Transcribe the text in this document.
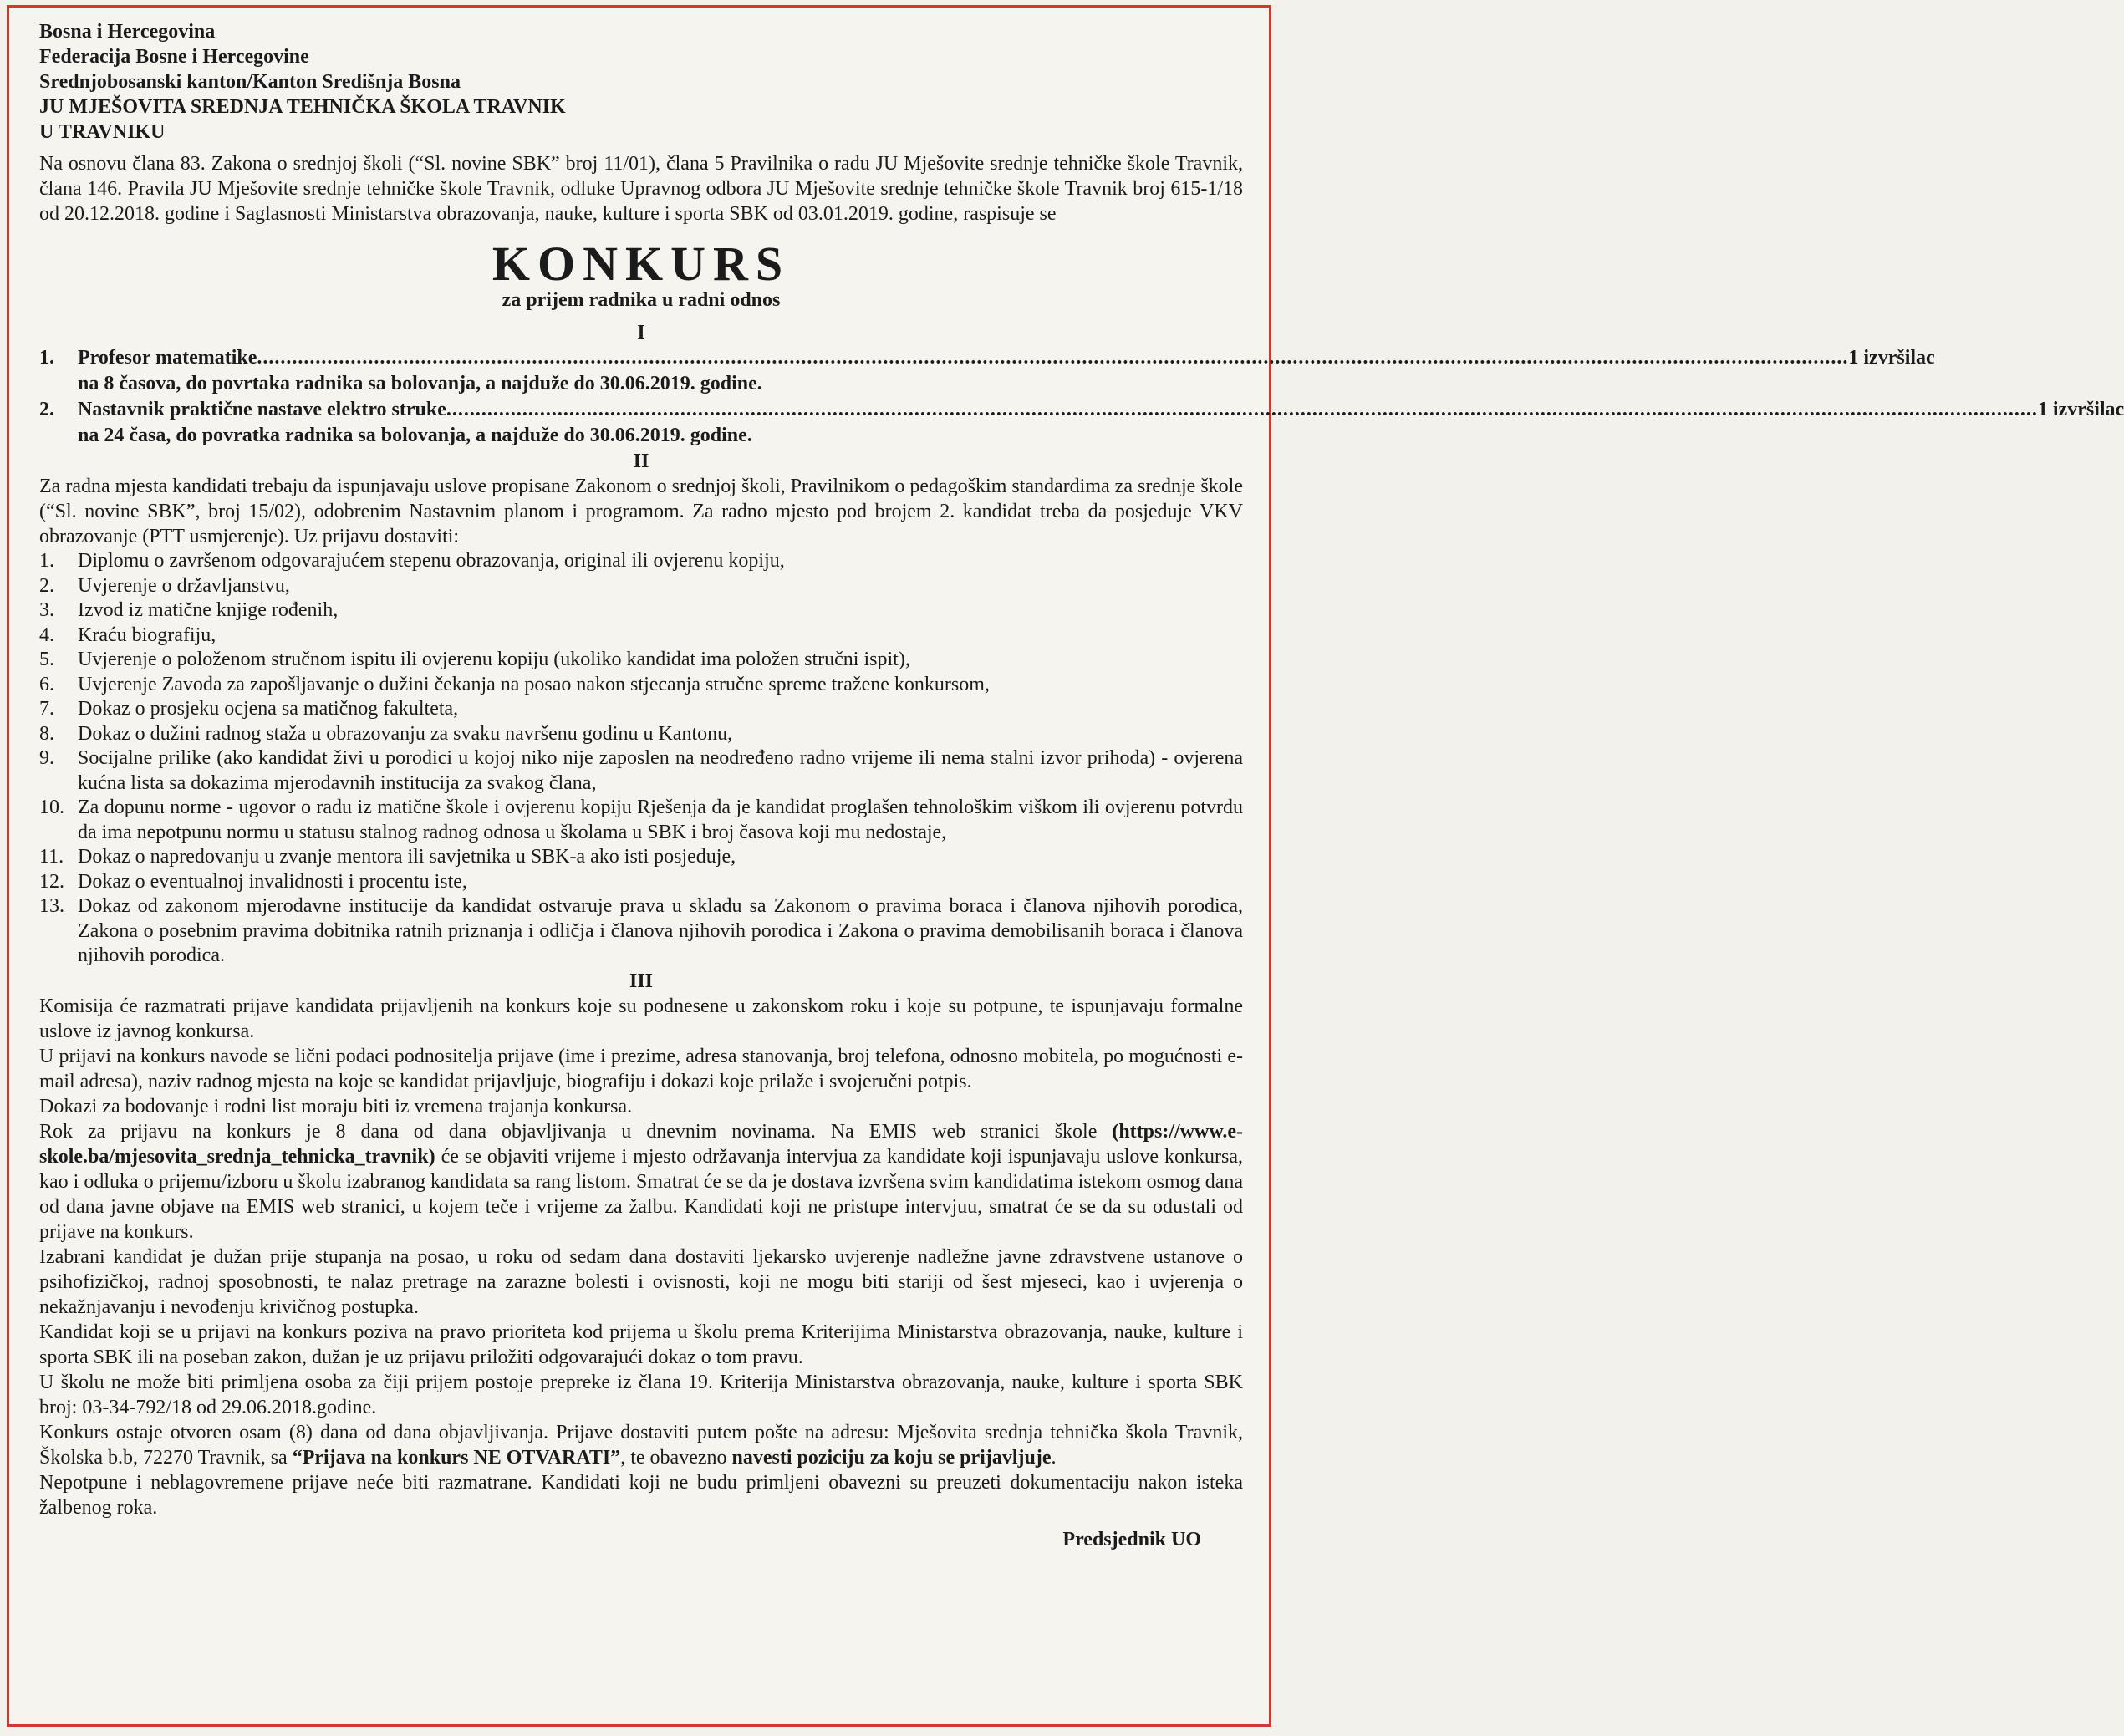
Bosna i Hercegovina
Federacija Bosne i Hercegovine
Srednjobosanski kanton/Kanton Središnja Bosna
JU MJEŠOVITA SREDNJA TEHNIČKA ŠKOLA TRAVNIK
U TRAVNIKU
Na osnovu člana 83. Zakona o srednjoj školi (“Sl. novine SBK” broj 11/01), člana 5 Pravilnika o radu JU Mješovite srednje tehničke škole Travnik, člana 146. Pravila JU Mješovite srednje tehničke škole Travnik, odluke Upravnog odbora JU Mješovite srednje tehničke škole Travnik broj 615-1/18 od 20.12.2018. godine i Saglasnosti Ministarstva obrazovanja, nauke, kulture i sporta SBK od 03.01.2019. godine, raspisuje se
KONKURS
za prijem radnika u radni odnos
I
1.	Profesor matematike ................................................................................................................................................................................................................................................................................ 1 izvršilac
na 8 časova, do povrtaka radnika sa bolovanja, a najduže do 30.06.2019. godine.
2.	Nastavnik praktične nastave elektro struke ................................................................................................................................................................................................................................................................................ 1 izvršilac
na 24 časa, do povratka radnika sa bolovanja, a najduže do 30.06.2019. godine.
II
Za radna mjesta kandidati trebaju da ispunjavaju uslove propisane Zakonom o srednjoj školi, Pravilnikom o pedagoškim standardima za srednje škole (“Sl. novine SBK”, broj 15/02), odobrenim Nastavnim planom i programom. Za radno mjesto pod brojem 2. kandidat treba da posjeduje VKV obrazovanje (PTT usmjerenje). Uz prijavu dostaviti:
1.	Diplomu o završenom odgovarajućem stepenu obrazovanja, original ili ovjerenu kopiju,
2.	Uvjerenje o državljanstvu,
3.	Izvod iz matične knjige rođenih,
4.	Kraću biografiju,
5.	Uvjerenje o položenom stručnom ispitu ili ovjerenu kopiju (ukoliko kandidat ima položen stručni ispit),
6.	Uvjerenje Zavoda za zapošljavanje o dužini čekanja na posao nakon stjecanja stručne spreme tražene konkursom,
7.	Dokaz o prosjeku ocjena sa matičnog fakulteta,
8.	Dokaz o dužini radnog staža u obrazovanju za svaku navršenu godinu u Kantonu,
9.	Socijalne prilike (ako kandidat živi u porodici u kojoj niko nije zaposlen na neodređeno radno vrijeme ili nema stalni izvor prihoda) - ovjerena kućna lista sa dokazima mjerodavnih institucija za svakog člana,
10. Za dopunu norme - ugovor o radu iz matične škole i ovjerenu kopiju Rješenja da je kandidat proglašen tehnološkim viškom ili ovjerenu potvrdu da ima nepotpunu normu u statusu stalnog radnog odnosa u školama u SBK i broj časova koji mu nedostaje,
11. Dokaz o napredovanju u zvanje mentora ili savjetnika u SBK-a ako isti posjeduje,
12. Dokaz o eventualnoj invalidnosti i procentu iste,
13. Dokaz od zakonom mjerodavne institucije da kandidat ostvaruje prava u skladu sa Zakonom o pravima boraca i članova njihovih porodica, Zakona o posebnim pravima dobitnika ratnih priznanja i odličja i članova njihovih porodica i Zakona o pravima demobilisanih boraca i članova njihovih porodica.
III

Komisija će razmatrati prijave kandidata prijavljenih na konkurs koje su podnesene u zakonskom roku i koje su potpune, te ispunjavaju formalne uslove iz javnog konkursa.

U prijavi na konkurs navode se lični podaci podnositelja prijave (ime i prezime, adresa stanovanja, broj telefona, odnosno mobitela, po mogućnosti e-mail adresa), naziv radnog mjesta na koje se kandidat prijavljuje, biografiju i dokazi koje prilaže i svojeručni potpis.

Dokazi za bodovanje i rodni list moraju biti iz vremena trajanja konkursa.

Rok za prijavu na konkurs je 8 dana od dana objavljivanja u dnevnim novinama. Na EMIS web stranici škole (https://www.e-skole.ba/mjesovita_srednja_tehnicka_travnik) će se objaviti vrijeme i mjesto održavanja intervjua za kandidate koji ispunjavaju uslove konkursa, kao i odluka o prijemu/izboru u školu izabranog kandidata sa rang listom. Smatrat će se da je dostava izvršena svim kandidatima istekom osmog dana od dana javne objave na EMIS web stranici, u kojem teče i vrijeme za žalbu. Kandidati koji ne pristupe intervjuu, smatrat će se da su odustali od prijave na konkurs.

Izabrani kandidat je dužan prije stupanja na posao, u roku od sedam dana dostaviti ljekarsko uvjerenje nadležne javne zdravstvene ustanove o psihofizičkoj, radnoj sposobnosti, te nalaz pretrage na zarazne bolesti i ovisnosti, koji ne mogu biti stariji od šest mjeseci, kao i uvjerenja o nekažnjavanju i nevođenju krivičnog postupka.

Kandidat koji se u prijavi na konkurs poziva na pravo prioriteta kod prijema u školu prema Kriterijima Ministarstva obrazovanja, nauke, kulture i sporta SBK ili na poseban zakon, dužan je uz prijavu priložiti odgovarajući dokaz o tom pravu.

U školu ne može biti primljena osoba za čiji prijem postoje prepreke iz člana 19. Kriterija Ministarstva obrazovanja, nauke, kulture i sporta SBK broj: 03-34-792/18 od 29.06.2018.godine.

Konkurs ostaje otvoren osam (8) dana od dana objavljivanja. Prijave dostaviti putem pošte na adresu: Mješovita srednja tehnička škola Travnik, Školska b.b, 72270 Travnik, sa “Prijava na konkurs NE OTVARATI”, te obavezno navesti poziciju za koju se prijavljuje.

Nepotpune i neblagovremene prijave neće biti razmatrane. Kandidati koji ne budu primljeni obavezni su preuzeti dokumentaciju nakon isteka žalbenog roka.

Predsjednik UO
